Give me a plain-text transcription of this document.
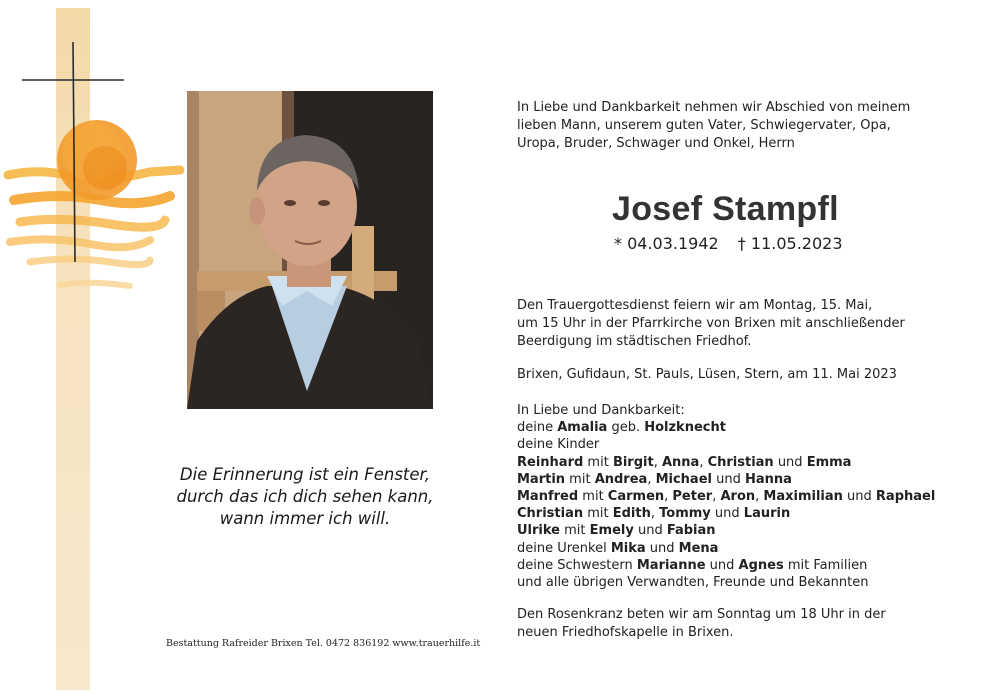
Die Erinnerung ist ein Fenster,
durch das ich dich sehen kann,
wann immer ich will.
Bestattung Rafreider Brixen Tel. 0472 836192 www.trauerhilfe.it
In Liebe und Dankbarkeit nehmen wir Abschied von meinem
lieben Mann, unserem guten Vater, Schwiegervater, Opa,
Uropa, Bruder, Schwager und Onkel, Herrn
Josef Stampfl
* 04.03.1942 † 11.05.2023
Den Trauergottesdienst feiern wir am Montag, 15. Mai,
um 15 Uhr in der Pfarrkirche von Brixen mit anschließender
Beerdigung im städtischen Friedhof.
Brixen, Gufidaun, St. Pauls, Lüsen, Stern, am 11. Mai 2023
In Liebe und Dankbarkeit:
deine Amalia geb. Holzknecht
deine Kinder
Reinhard mit Birgit, Anna, Christian und Emma
Martin mit Andrea, Michael und Hanna
Manfred mit Carmen, Peter, Aron, Maximilian und Raphael
Christian mit Edith, Tommy und Laurin
Ulrike mit Emely und Fabian
deine Urenkel Mika und Mena
deine Schwestern Marianne und Agnes mit Familien
und alle übrigen Verwandten, Freunde und Bekannten
Den Rosenkranz beten wir am Sonntag um 18 Uhr in der
neuen Friedhofskapelle in Brixen.
